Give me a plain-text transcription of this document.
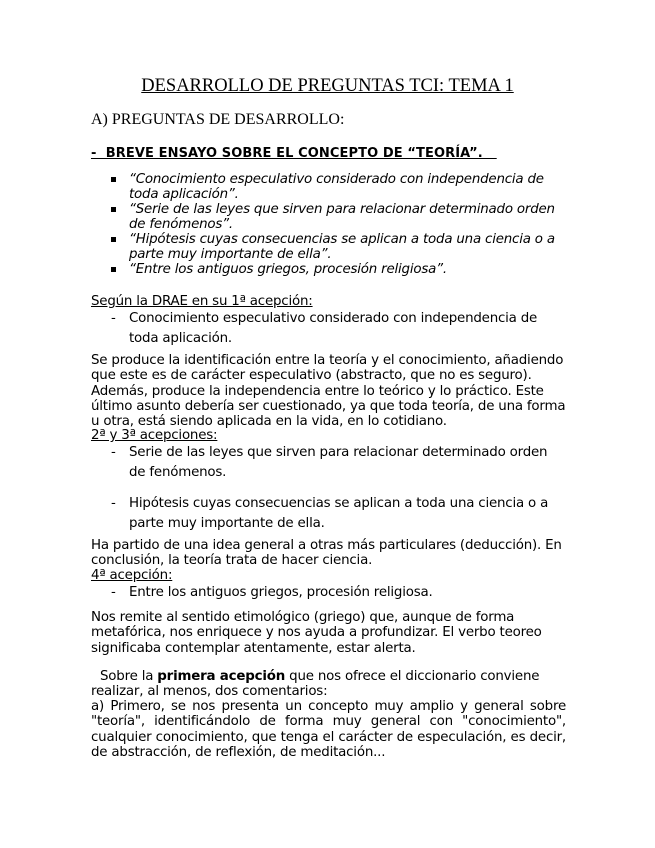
DESARROLLO DE PREGUNTAS TCI: TEMA 1
A) PREGUNTAS DE DESARROLLO:
-  BREVE ENSAYO SOBRE EL CONCEPTO DE “TEORÍA”.
“Conocimiento especulativo considerado con independencia de toda aplicación”.
“Serie de las leyes que sirven para relacionar determinado orden de fenómenos”.
“Hipótesis cuyas consecuencias se aplican a toda una ciencia o a parte muy importante de ella”.
“Entre los antiguos griegos, procesión religiosa”.
Según la DRAE en su 1ª acepción:
- Conocimiento especulativo considerado con independencia de toda aplicación.
Se produce la identificación entre la teoría y el conocimiento, añadiendo que este es de carácter especulativo (abstracto, que no es seguro). Además, produce la independencia entre lo teórico y lo práctico. Este último asunto debería ser cuestionado, ya que toda teoría, de una forma u otra, está siendo aplicada en la vida, en lo cotidiano.
2ª y 3ª acepciones:
- Serie de las leyes que sirven para relacionar determinado orden de fenómenos.
- Hipótesis cuyas consecuencias se aplican a toda una ciencia o a parte muy importante de ella.
Ha partido de una idea general a otras más particulares (deducción). En conclusión, la teoría trata de hacer ciencia.
4ª acepción:
- Entre los antiguos griegos, procesión religiosa.
Nos remite al sentido etimológico (griego) que, aunque de forma metafórica, nos enriquece y nos ayuda a profundizar. El verbo teoreo significaba contemplar atentamente, estar alerta.
Sobre la primera acepción que nos ofrece el diccionario conviene realizar, al menos, dos comentarios:
a) Primero, se nos presenta un concepto muy amplio y general sobre "teoría", identificándolo de forma muy general con "conocimiento", cualquier conocimiento, que tenga el carácter de especulación, es decir, de abstracción, de reflexión, de meditación...
